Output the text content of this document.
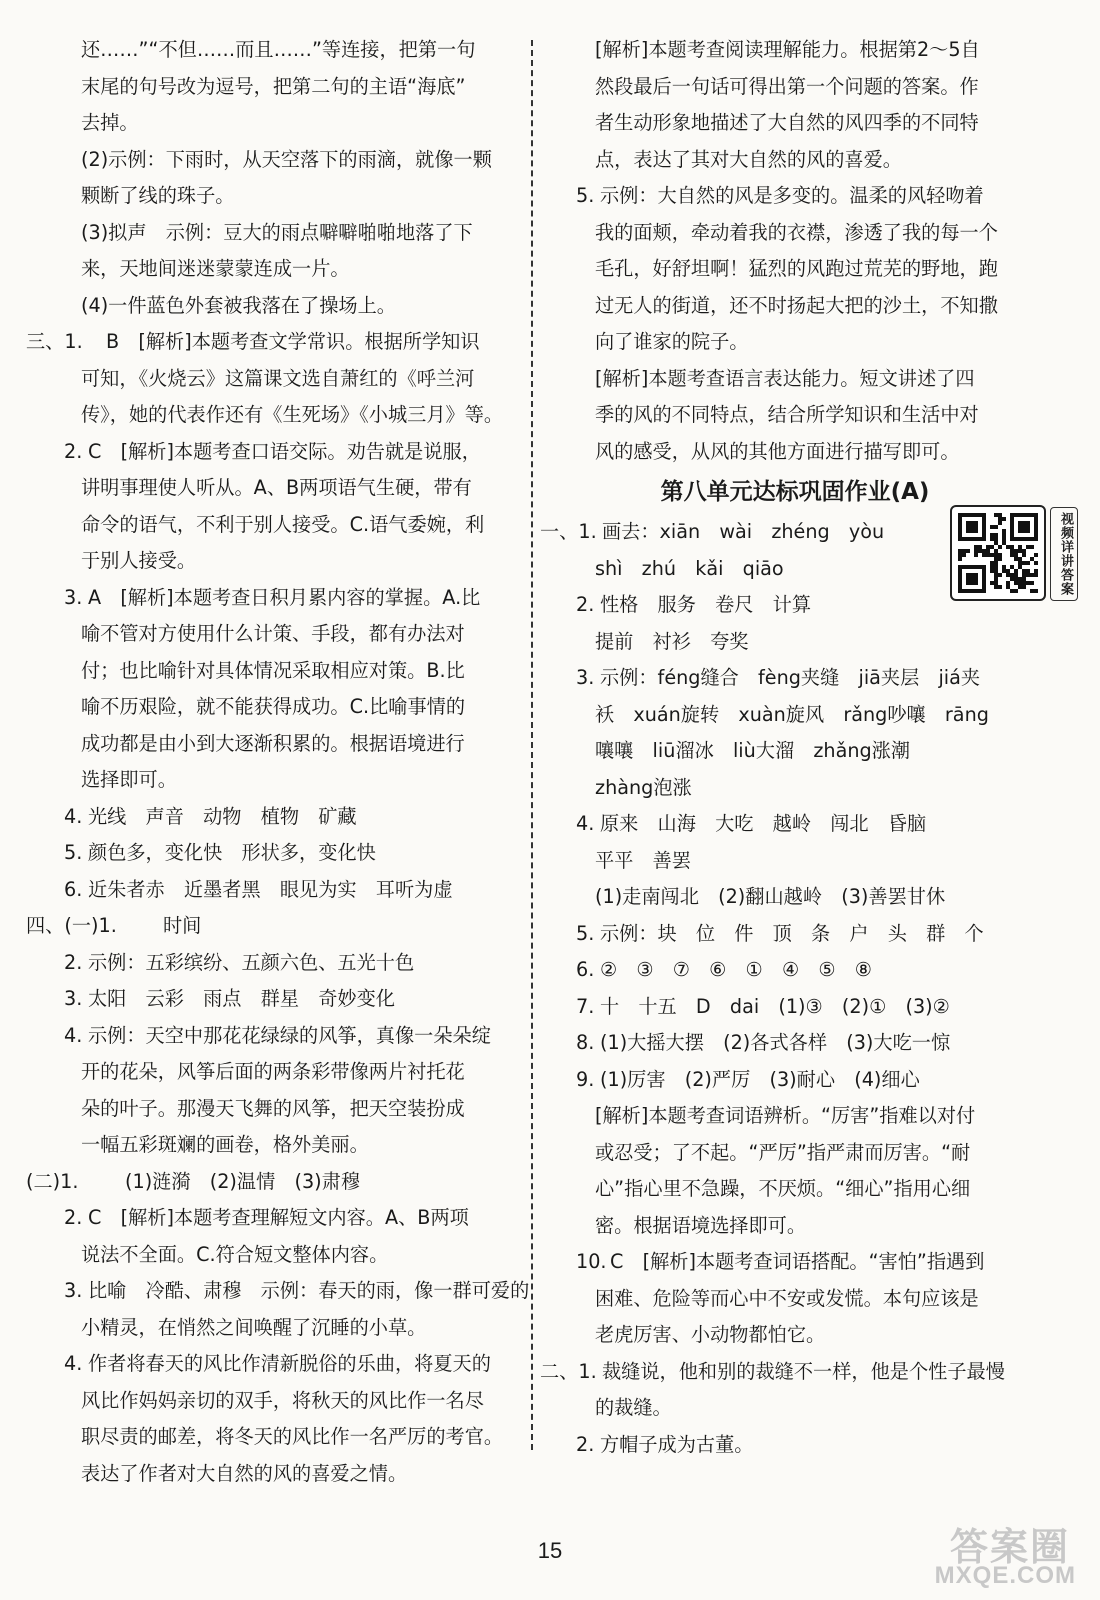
还……”“不但……而且……”等连接，把第一句
末尾的句号改为逗号，把第二句的主语“海底”
去掉。
(2)示例：下雨时，从天空落下的雨滴，就像一颗
颗断了线的珠子。
(3)拟声　示例：豆大的雨点噼噼啪啪地落了下
来，天地间迷迷蒙蒙连成一片。
(4)一件蓝色外套被我落在了操场上。
三、1. B　[解析]本题考查文学常识。根据所学知识
可知，《火烧云》这篇课文选自萧红的《呼兰河
传》，她的代表作还有《生死场》《小城三月》等。
2. C　[解析]本题考查口语交际。劝告就是说服，
讲明事理使人听从。A、B两项语气生硬，带有
命令的语气，不利于别人接受。C.语气委婉，利
于别人接受。
3. A　[解析]本题考查日积月累内容的掌握。A.比
喻不管对方使用什么计策、手段，都有办法对
付；也比喻针对具体情况采取相应对策。B.比
喻不历艰险，就不能获得成功。C.比喻事情的
成功都是由小到大逐渐积累的。根据语境进行
选择即可。
4. 光线　声音　动物　植物　矿藏
5. 颜色多，变化快　形状多，变化快
6. 近朱者赤　近墨者黑　眼见为实　耳听为虚
四、(一)1. 时间
2. 示例：五彩缤纷、五颜六色、五光十色
3. 太阳　云彩　雨点　群星　奇妙变化
4. 示例：天空中那花花绿绿的风筝，真像一朵朵绽
开的花朵，风筝后面的两条彩带像两片衬托花
朵的叶子。那漫天飞舞的风筝，把天空装扮成
一幅五彩斑斓的画卷，格外美丽。
(二)1. (1)涟漪　(2)温情　(3)肃穆
2. C　[解析]本题考查理解短文内容。A、B两项
说法不全面。C.符合短文整体内容。
3. 比喻　冷酷、肃穆　示例：春天的雨，像一群可爱的
小精灵，在悄然之间唤醒了沉睡的小草。
4. 作者将春天的风比作清新脱俗的乐曲，将夏天的
风比作妈妈亲切的双手，将秋天的风比作一名尽
职尽责的邮差，将冬天的风比作一名严厉的考官。
表达了作者对大自然的风的喜爱之情。
[解析]本题考查阅读理解能力。根据第2～5自
然段最后一句话可得出第一个问题的答案。作
者生动形象地描述了大自然的风四季的不同特
点，表达了其对大自然的风的喜爱。
5. 示例：大自然的风是多变的。温柔的风轻吻着
我的面颊，牵动着我的衣襟，渗透了我的每一个
毛孔，好舒坦啊！猛烈的风跑过荒芜的野地，跑
过无人的街道，还不时扬起大把的沙土，不知撒
向了谁家的院子。
[解析]本题考查语言表达能力。短文讲述了四
季的风的不同特点，结合所学知识和生活中对
风的感受，从风的其他方面进行描写即可。
第八单元达标巩固作业(A)
一、1. 画去：xiān　wài　zhéng　yòu
shì　zhú　kǎi　qiāo
2. 性格　服务　卷尺　计算
提前　衬衫　夸奖
3. 示例：féng缝合　fèng夹缝　jiā夹层　jiá夹
袄　xuán旋转　xuàn旋风　rǎng吵嚷　rāng
嚷嚷　liū溜冰　liù大溜　zhǎng涨潮
zhàng泡涨
4. 原来　山海　大吃　越岭　闯北　昏脑
平平　善罢
(1)走南闯北　(2)翻山越岭　(3)善罢甘休
5. 示例：块　位　件　顶　条　户　头　群　个
6. ②　③　⑦　⑥　①　④　⑤　⑧
7. 十　十五　D　dai　(1)③　(2)①　(3)②
8. (1)大摇大摆　(2)各式各样　(3)大吃一惊
9. (1)厉害　(2)严厉　(3)耐心　(4)细心
[解析]本题考查词语辨析。“厉害”指难以对付
或忍受；了不起。“严厉”指严肃而厉害。“耐
心”指心里不急躁，不厌烦。“细心”指用心细
密。根据语境选择即可。
10. C　[解析]本题考查词语搭配。“害怕”指遇到
困难、危险等而心中不安或发慌。本句应该是
老虎厉害、小动物都怕它。
二、1. 裁缝说，他和别的裁缝不一样，他是个性子最慢
的裁缝。
2. 方帽子成为古董。
视频详讲答案
15	答案圈
MXQE.COM
